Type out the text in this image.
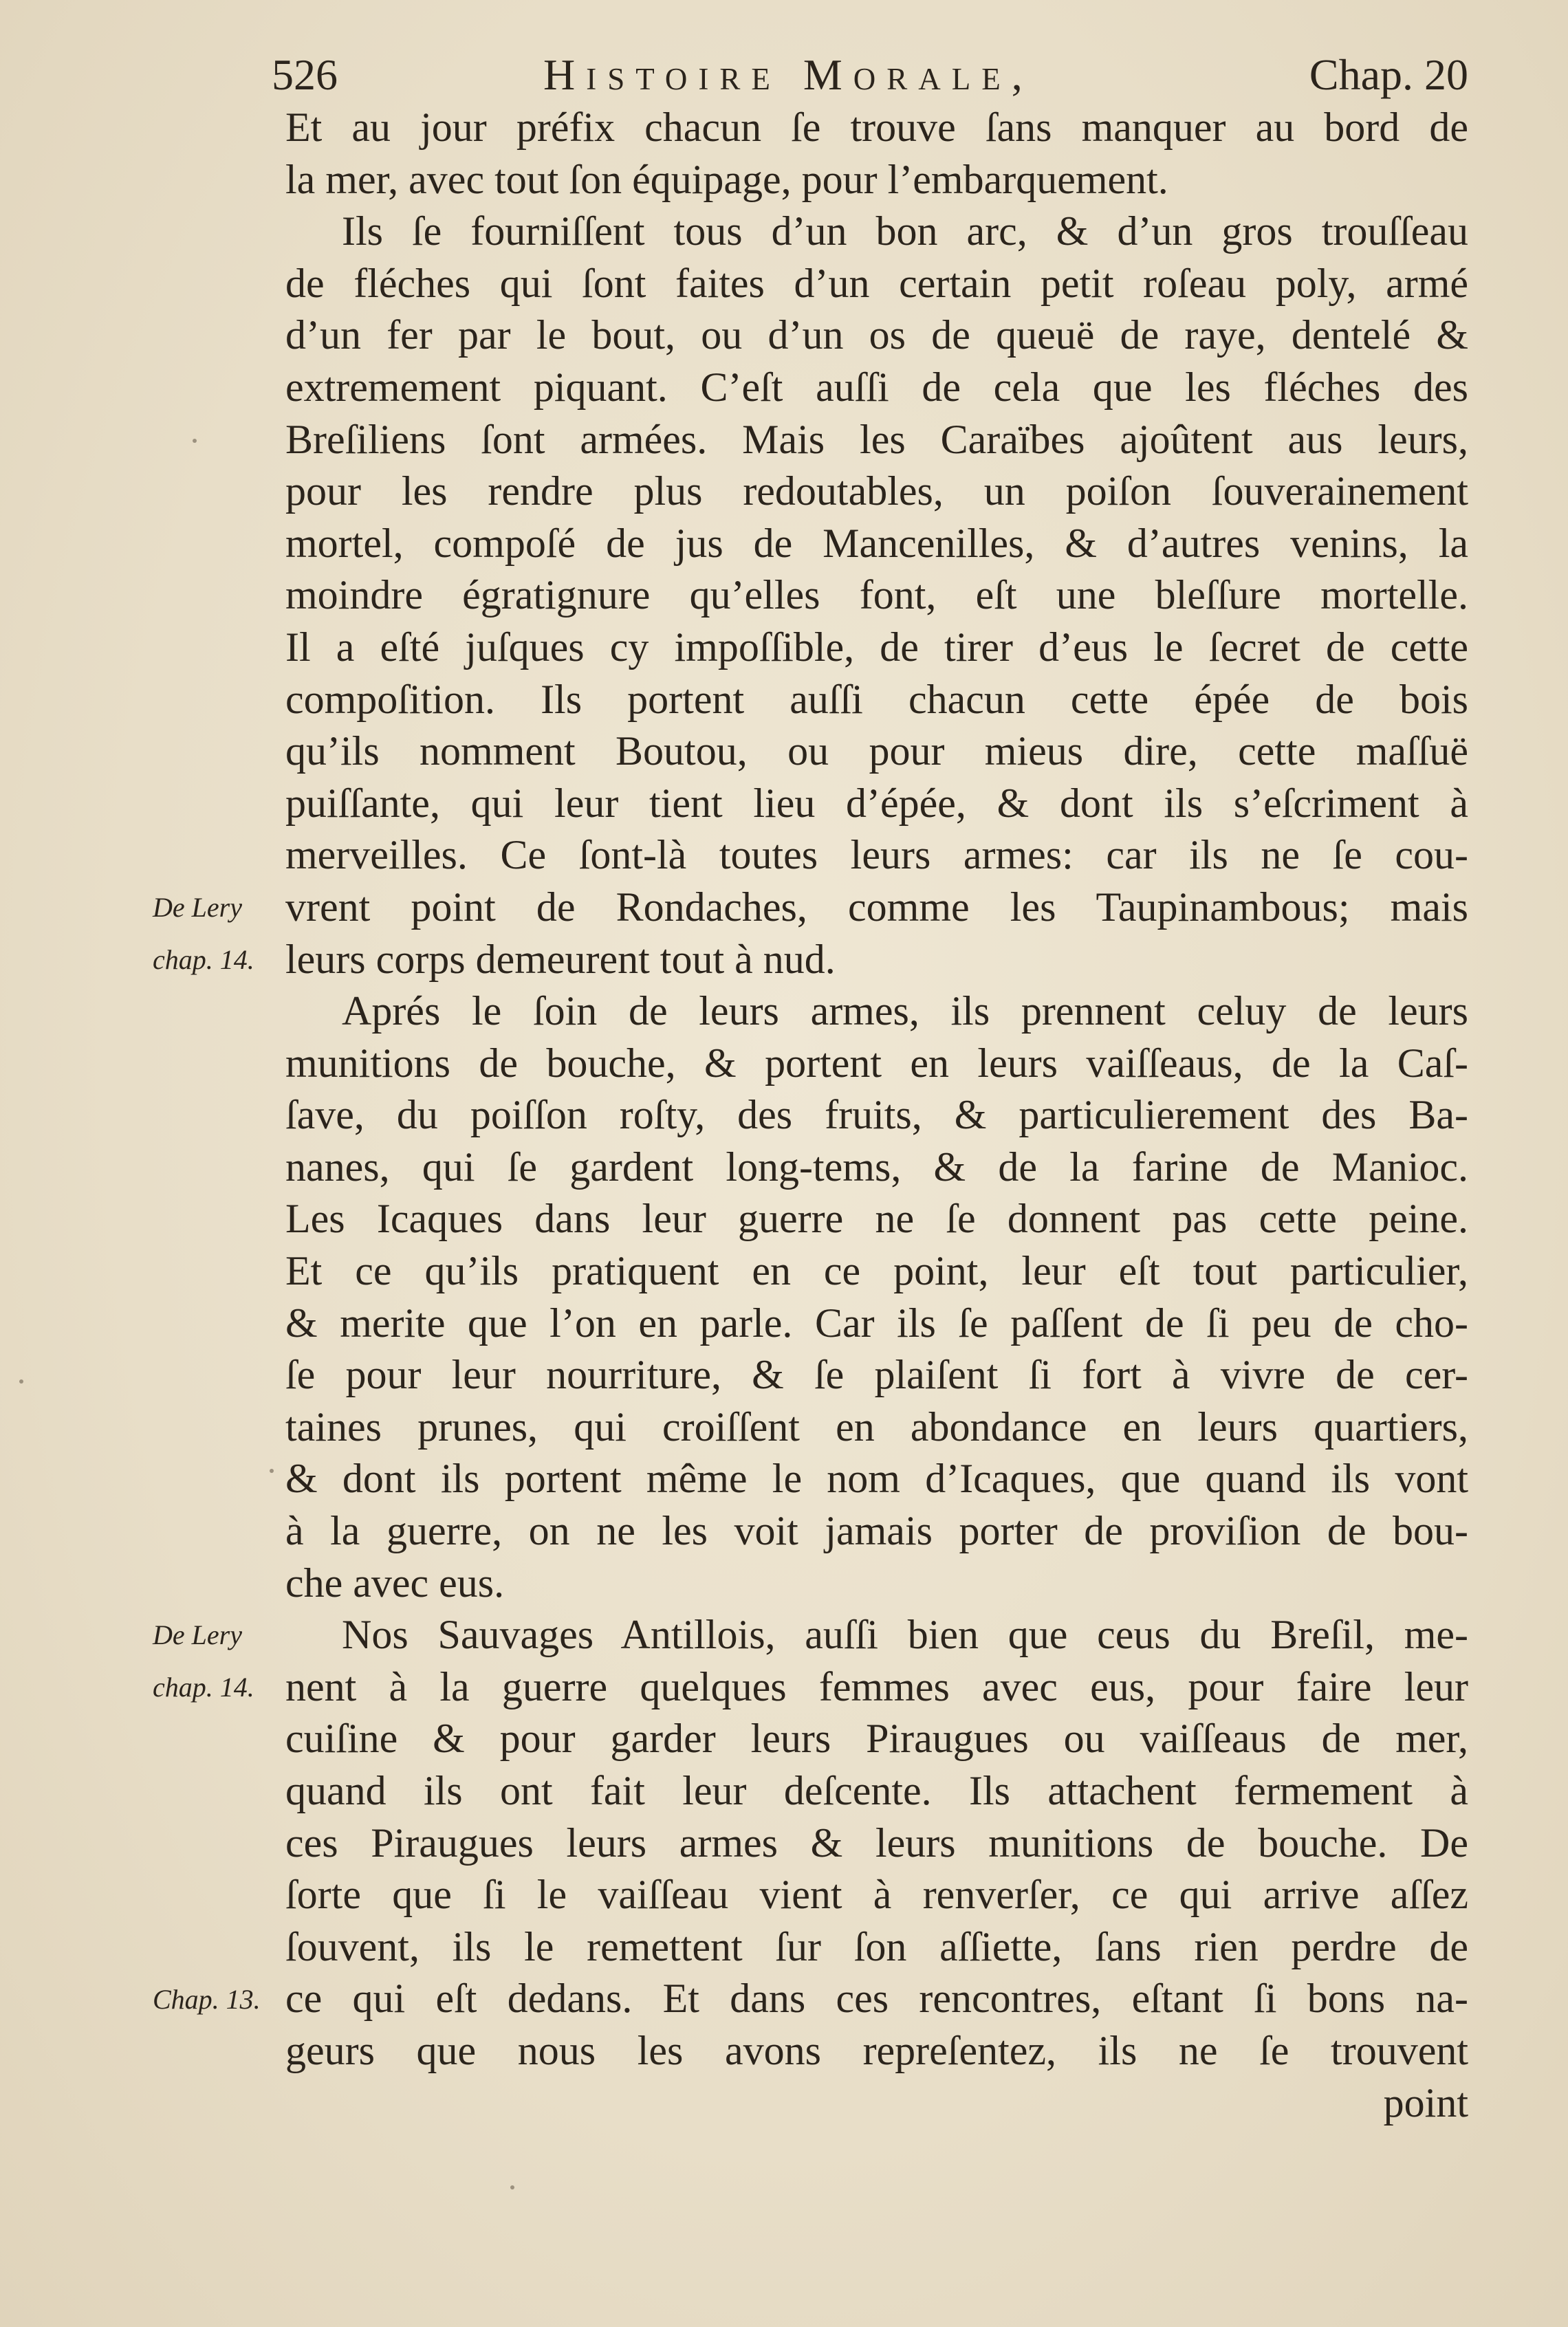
526	Histoire Morale,	Chap. 20
Et au jour préfix chacun ſe trouve ſans manquer au bord de
la mer, avec tout ſon équipage, pour l’embarquement.
Ils ſe fourniſſent tous d’un bon arc, & d’un gros trouſſeau
de fléches qui ſont faites d’un certain petit roſeau poly, armé
d’un fer par le bout, ou d’un os de queuë de raye, dentelé &
extremement piquant. C’eſt auſſi de cela que les fléches des
Breſiliens ſont armées. Mais les Caraïbes ajoûtent aus leurs,
pour les rendre plus redoutables, un poiſon ſouverainement
mortel, compoſé de jus de Mancenilles, & d’autres venins, la
moindre égratignure qu’elles font, eſt une bleſſure mortelle.
Il a eſté juſques cy impoſſible, de tirer d’eus le ſecret de cette
compoſition. Ils portent auſſi chacun cette épée de bois
qu’ils nomment Boutou, ou pour mieus dire, cette maſſuë
puiſſante, qui leur tient lieu d’épée, & dont ils s’eſcriment à
merveilles. Ce ſont-là toutes leurs armes: car ils ne ſe cou-
vrent point de Rondaches, comme les Taupinambous; mais
leurs corps demeurent tout à nud.
Aprés le ſoin de leurs armes, ils prennent celuy de leurs
munitions de bouche, & portent en leurs vaiſſeaus, de la Caſ-
ſave, du poiſſon roſty, des fruits, & particulierement des Ba-
nanes, qui ſe gardent long-tems, & de la farine de Manioc.
Les Icaques dans leur guerre ne ſe donnent pas cette peine.
Et ce qu’ils pratiquent en ce point, leur eſt tout particulier,
& merite que l’on en parle. Car ils ſe paſſent de ſi peu de cho-
ſe pour leur nourriture, & ſe plaiſent ſi fort à vivre de cer-
taines prunes, qui croiſſent en abondance en leurs quartiers,
& dont ils portent même le nom d’Icaques, que quand ils vont
à la guerre, on ne les voit jamais porter de proviſion de bou-
che avec eus.
Nos Sauvages Antillois, auſſi bien que ceus du Breſil, me-
nent à la guerre quelques femmes avec eus, pour faire leur
cuiſine & pour garder leurs Piraugues ou vaiſſeaus de mer,
quand ils ont fait leur deſcente. Ils attachent fermement à
ces Piraugues leurs armes & leurs munitions de bouche. De
ſorte que ſi le vaiſſeau vient à renverſer, ce qui arrive aſſez
ſouvent, ils le remettent ſur ſon aſſiette, ſans rien perdre de
ce qui eſt dedans. Et dans ces rencontres, eſtant ſi bons na-
geurs que nous les avons repreſentez, ils ne ſe trouvent
point
De Lery
chap. 14.
De Lery
chap. 14.
Chap. 13.
